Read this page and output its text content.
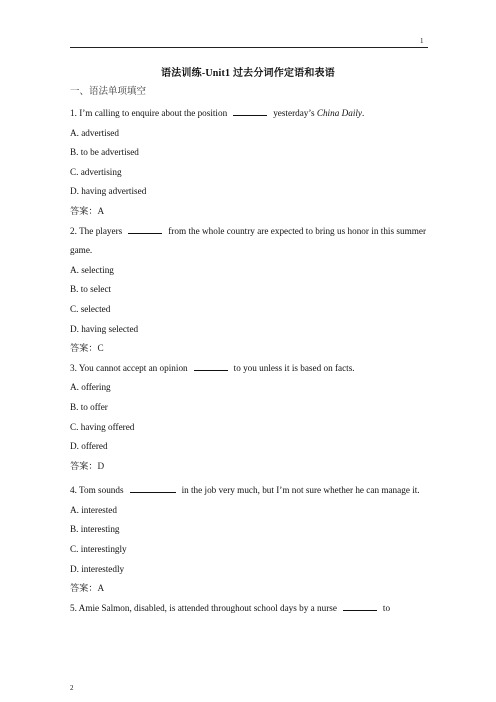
1
语法训练-Unit1 过去分词作定语和表语
一、语法单项填空
1. I’m calling to enquire about the position	yesterday’s China Daily.
A. advertised
B. to be advertised
C. advertising
D. having advertised
答案：A
2. The players	from the whole country are expected to bring us honor in this summer game.
A. selecting
B. to select
C. selected
D. having selected
答案：C
3. You cannot accept an opinion	to you unless it is based on facts.
A. offering
B. to offer
C. having offered
D. offered
答案：D
4. Tom sounds	in the job very much, but I’m not sure whether he can manage it.
A. interested
B. interesting
C. interestingly
D. interestedly
答案：A
5. Amie Salmon, disabled, is attended throughout school days by a nurse	to
2
